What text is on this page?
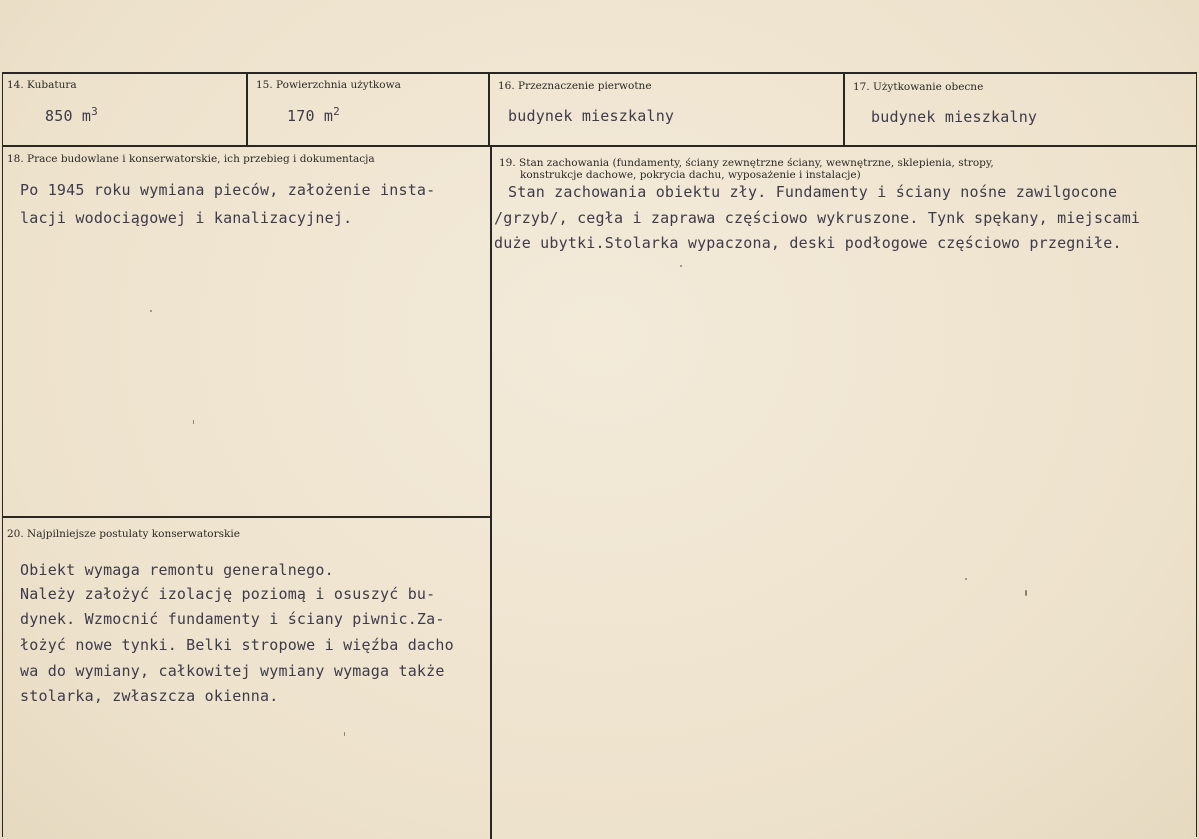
14. Kubatura
850 $m^3$
15. Powierzchnia użytkowa
170 $m^2$
16. Przeznaczenie pierwotne
budynek mieszkalny
17. Użytkowanie obecne
budynek mieszkalny
18. Prace budowlane i konserwatorskie, ich przebieg i dokumentacja
Po 1945 roku wymiana pieców, założenie insta-
lacji wodociągowej i kanalizacyjnej.
19. Stan zachowania (fundamenty, ściany zewnętrzne ściany, wewnętrzne, sklepienia, stropy,
konstrukcje dachowe, pokrycia dachu, wyposażenie i instalacje)
Stan zachowania obiektu zły. Fundamenty i ściany nośne zawilgocone
/grzyb/, cegła i zaprawa częściowo wykruszone. Tynk spękany, miejscami
duże ubytki.Stolarka wypaczona, deski podłogowe częściowo przegniłe.
20. Najpilniejsze postulaty konserwatorskie
Obiekt wymaga remontu generalnego.
Należy założyć izolację poziomą i osuszyć bu-
dynek. Wzmocnić fundamenty i ściany piwnic.Za-
łożyć nowe tynki. Belki stropowe i więźba dacho
wa do wymiany, całkowitej wymiany wymaga także
stolarka, zwłaszcza okienna.
